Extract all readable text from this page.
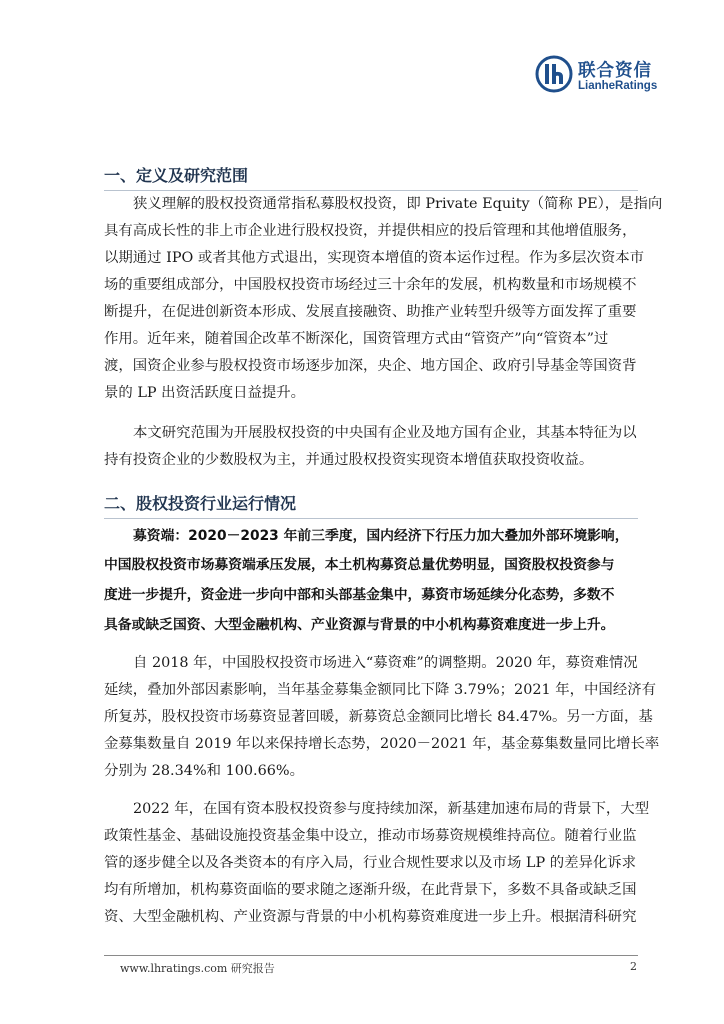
联合资信
LianheRatings
一、定义及研究范围
狭义理解的股权投资通常指私募股权投资，即 Private Equity（简称 PE），是指向
具有高成长性的非上市企业进行股权投资，并提供相应的投后管理和其他增值服务，
以期通过 IPO 或者其他方式退出，实现资本增值的资本运作过程。作为多层次资本市
场的重要组成部分，中国股权投资市场经过三十余年的发展，机构数量和市场规模不
断提升，在促进创新资本形成、发展直接融资、助推产业转型升级等方面发挥了重要
作用。近年来，随着国企改革不断深化，国资管理方式由“管资产”向“管资本”过
渡，国资企业参与股权投资市场逐步加深，央企、地方国企、政府引导基金等国资背
景的 LP 出资活跃度日益提升。
本文研究范围为开展股权投资的中央国有企业及地方国有企业，其基本特征为以
持有投资企业的少数股权为主，并通过股权投资实现资本增值获取投资收益。
二、股权投资行业运行情况
募资端：2020－2023 年前三季度，国内经济下行压力加大叠加外部环境影响，
中国股权投资市场募资端承压发展，本土机构募资总量优势明显，国资股权投资参与
度进一步提升，资金进一步向中部和头部基金集中，募资市场延续分化态势，多数不
具备或缺乏国资、大型金融机构、产业资源与背景的中小机构募资难度进一步上升。
自 2018 年，中国股权投资市场进入“募资难”的调整期。2020 年，募资难情况
延续，叠加外部因素影响，当年基金募集金额同比下降 3.79%；2021 年，中国经济有
所复苏，股权投资市场募资显著回暖，新募资总金额同比增长 84.47%。另一方面，基
金募集数量自 2019 年以来保持增长态势，2020－2021 年，基金募集数量同比增长率
分别为 28.34%和 100.66%。
2022 年，在国有资本股权投资参与度持续加深，新基建加速布局的背景下，大型
政策性基金、基础设施投资基金集中设立，推动市场募资规模维持高位。随着行业监
管的逐步健全以及各类资本的有序入局，行业合规性要求以及市场 LP 的差异化诉求
均有所增加，机构募资面临的要求随之逐渐升级，在此背景下，多数不具备或缺乏国
资、大型金融机构、产业资源与背景的中小机构募资难度进一步上升。根据清科研究
www.lhratings.com 研究报告	2
